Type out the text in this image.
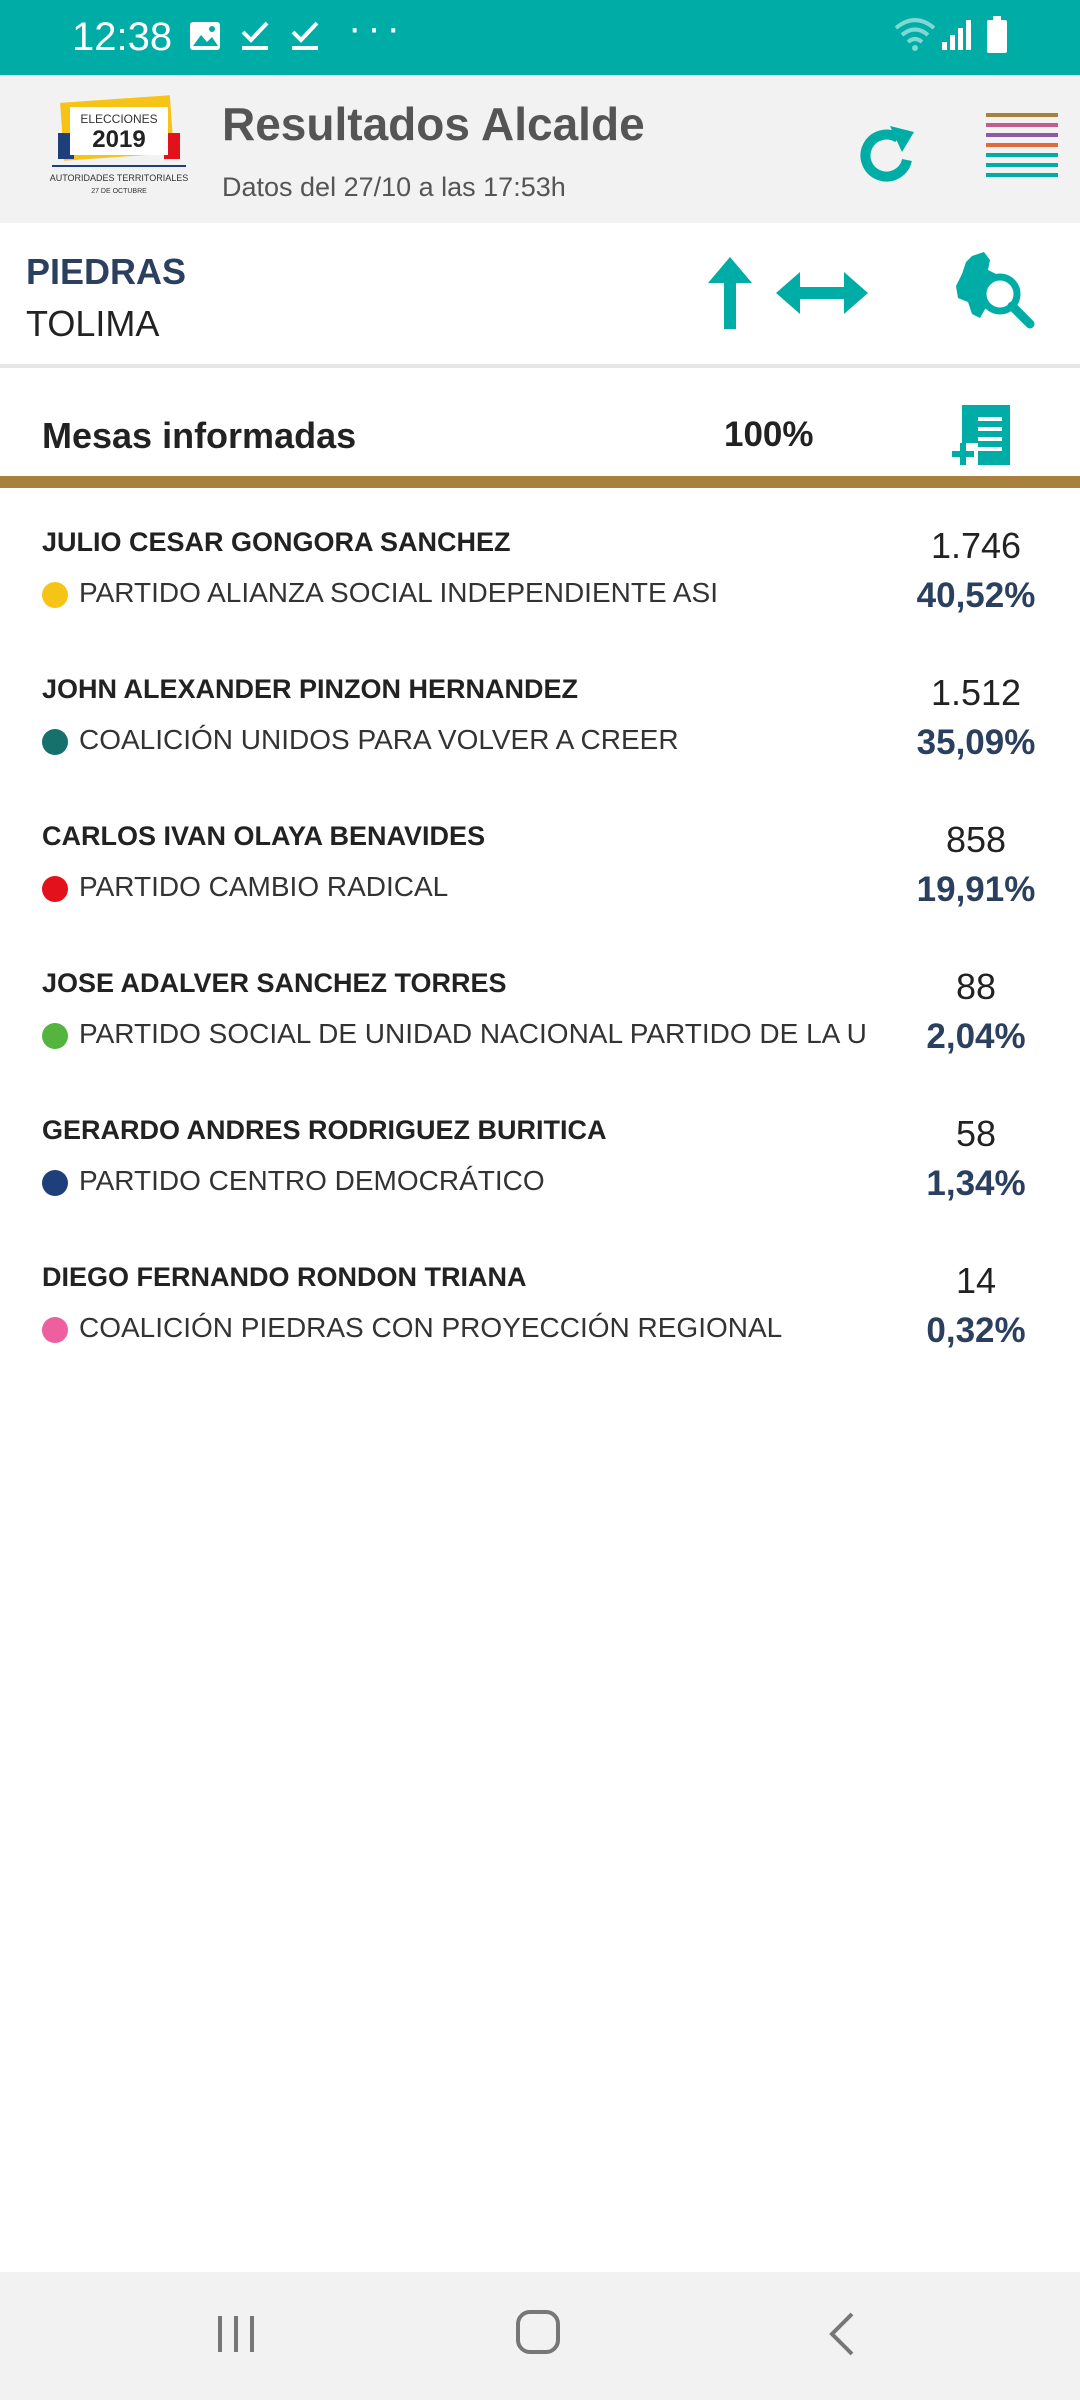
12:38	···
ELECCIONES
2019
AUTORIDADES TERRITORIALES
27 DE OCTUBRE
Resultados Alcalde
Datos del 27/10 a las 17:53h
PIEDRAS
TOLIMA
Mesas informadas	100%
JULIO CESAR GONGORA SANCHEZ
PARTIDO ALIANZA SOCIAL INDEPENDIENTE ASI
1.746
40,52%
JOHN ALEXANDER PINZON HERNANDEZ
COALICIÓN UNIDOS PARA VOLVER A CREER
1.512
35,09%
CARLOS IVAN OLAYA BENAVIDES
PARTIDO CAMBIO RADICAL
858
19,91%
JOSE ADALVER SANCHEZ TORRES
PARTIDO SOCIAL DE UNIDAD NACIONAL PARTIDO DE LA U
88
2,04%
GERARDO ANDRES RODRIGUEZ BURITICA
PARTIDO CENTRO DEMOCRÁTICO
58
1,34%
DIEGO FERNANDO RONDON TRIANA
COALICIÓN PIEDRAS CON PROYECCIÓN REGIONAL
14
0,32%
